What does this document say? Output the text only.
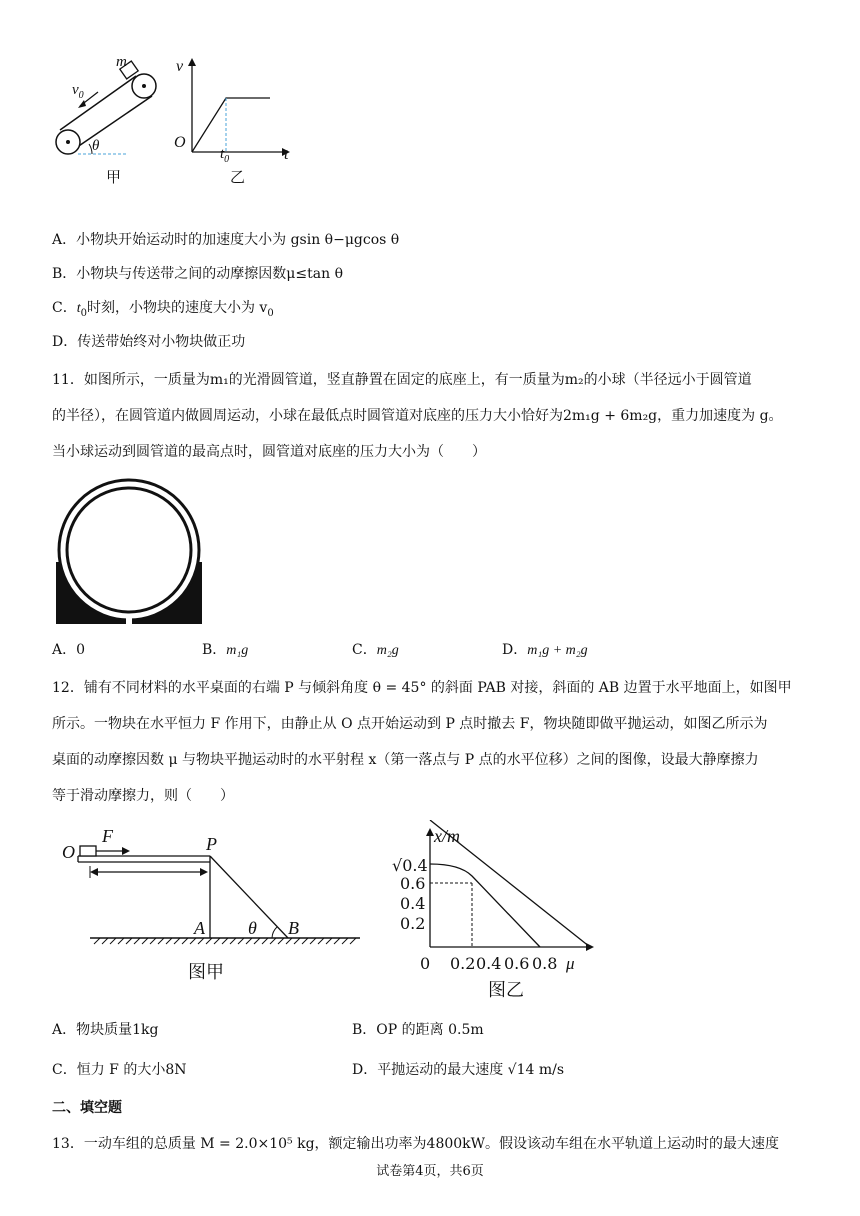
m
$v_0$
θ
甲
v
t
O
$t_0$
乙
A．小物块开始运动时的加速度大小为 gsin θ−μgcos θ
B．小物块与传送带之间的动摩擦因数μ≤tan θ
C．$t_0$时刻，小物块的速度大小为 $v_0$
D．传送带始终对小物块做正功
11．如图所示，一质量为m₁的光滑圆管道，竖直静置在固定的底座上，有一质量为m₂的小球（半径远小于圆管道
的半径），在圆管道内做圆周运动，小球在最低点时圆管道对底座的压力大小恰好为2m₁g + 6m₂g，重力加速度为 g。
当小球运动到圆管道的最高点时，圆管道对底座的压力大小为（　　）
A．0	B．m₁g	C．m₂g	D．m₁g + m₂g
12．铺有不同材料的水平桌面的右端 P 与倾斜角度 θ = 45° 的斜面 PAB 对接，斜面的 AB 边置于水平地面上，如图甲
所示。一物块在水平恒力 F 作用下，由静止从 O 点开始运动到 P 点时撤去 F，物块随即做平抛运动，如图乙所示为
桌面的动摩擦因数 μ 与物块平抛运动时的水平射程 x（第一落点与 P 点的水平位移）之间的图像，设最大静摩擦力
等于滑动摩擦力，则（　　）
O
F	P
A θ B
图甲
x/m
√0.4
0.6
0.4
0.2
0 0.2 0.4 0.6 0.8 μ
图乙
A．物块质量1kg	B．OP 的距离 0.5m
C．恒力 F 的大小8N	D．平抛运动的最大速度 √14 m/s
二、填空题
13．一动车组的总质量 M = 2.0×10⁵ kg，额定输出功率为4800kW。假设该动车组在水平轨道上运动时的最大速度
试卷第4页，共6页
